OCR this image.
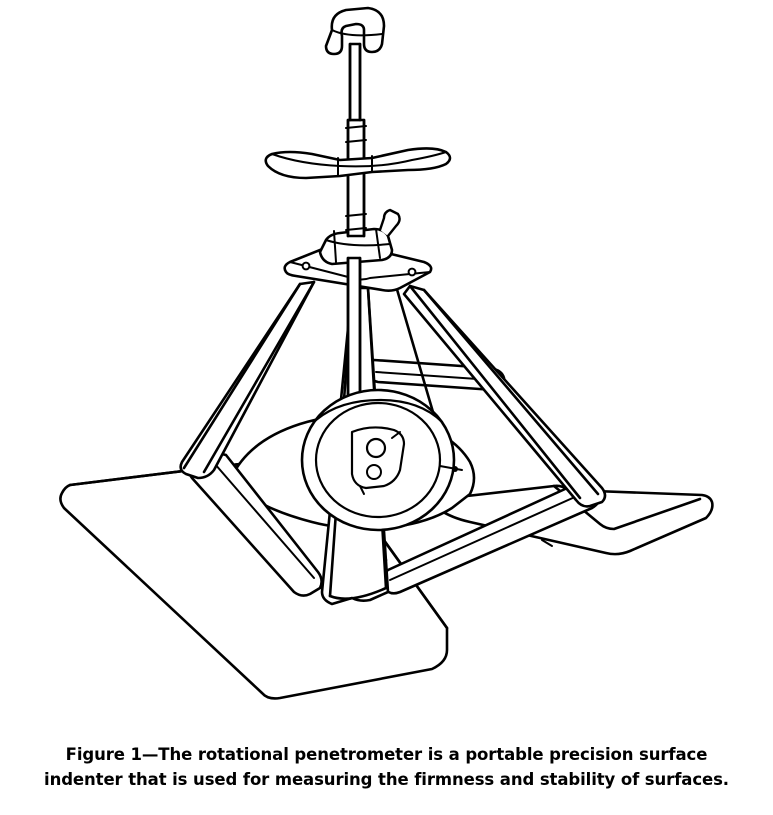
Figure 1—The rotational penetrometer is a portable precision surface
indenter that is used for measuring the firmness and stability of surfaces.
